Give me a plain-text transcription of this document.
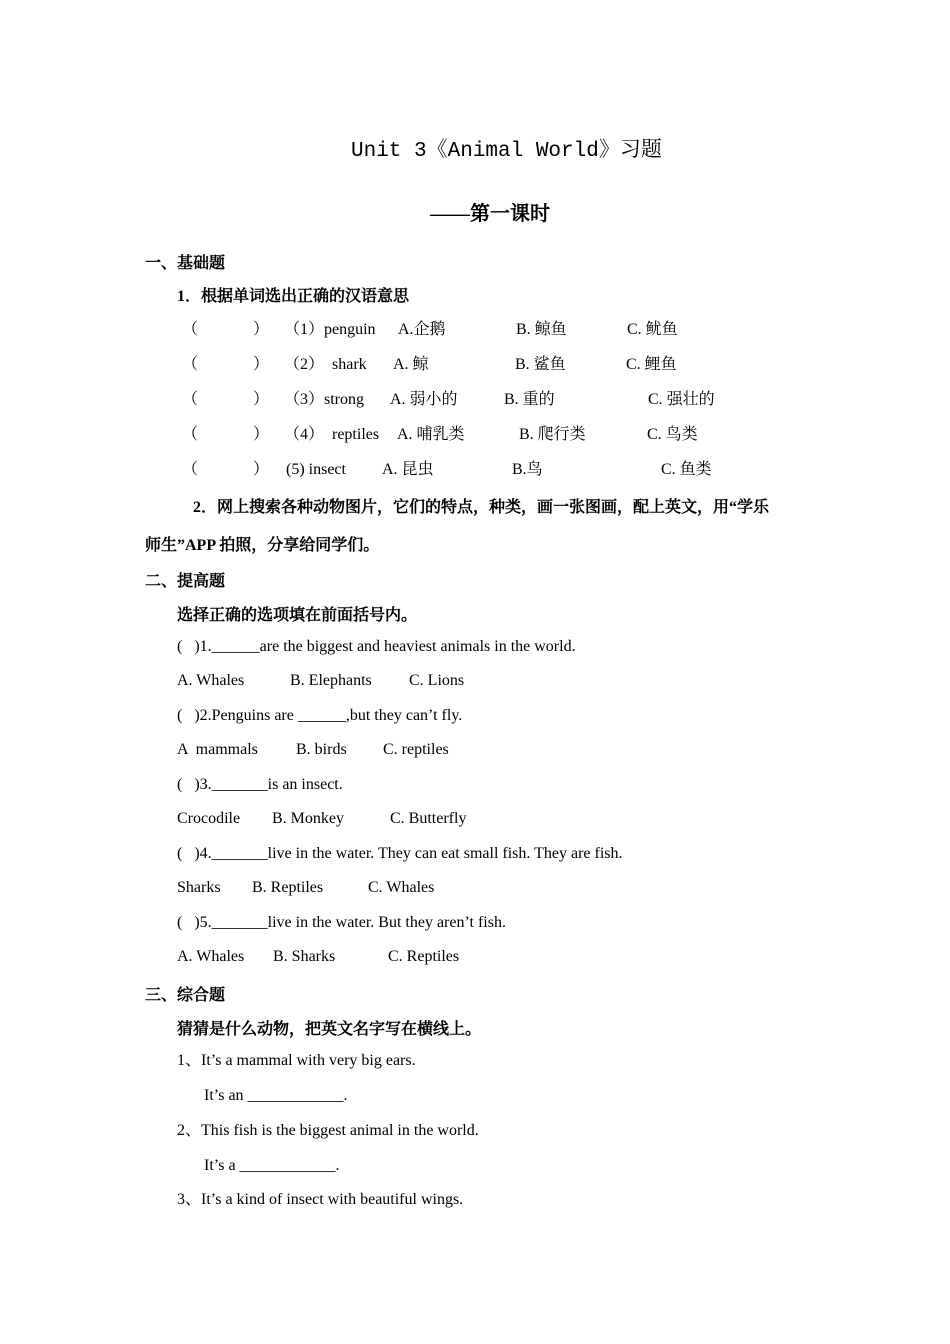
Unit 3《Animal World》习题
——第一课时
一、基础题
1．根据单词选出正确的汉语意思
（	） （1）penguin A.企鹅	B. 鲸鱼	C. 鱿鱼
（	） （2）  shark A. 鲸	B. 鲨鱼	C. 鲤鱼
（	） （3）strong A. 弱小的	B. 重的	C. 强壮的
（	） （4）  reptiles A. 哺乳类	B. 爬行类	C. 鸟类
（	） (5) insect A. 昆虫	B.鸟	C. 鱼类
2．网上搜索各种动物图片，它们的特点，种类，画一张图画，配上英文，用“学乐
师生”APP 拍照，分享给同学们。
二、提高题
选择正确的选项填在前面括号内。
(   )1.______are the biggest and heaviest animals in the world.
A. Whales	B. Elephants C. Lions
(   )2.Penguins are ______,but they can’t fly.
A  mammals B. birds C. reptiles
(   )3._______is an insect.
Crocodile B. Monkey	C. Butterfly
(   )4._______live in the water. They can eat small fish. They are fish.
Sharks B. Reptiles	C. Whales
(   )5._______live in the water. But they aren’t fish.
A. Whales B. Sharks	C. Reptiles
三、综合题
猜猜是什么动物，把英文名字写在横线上。
1、It’s a mammal with very big ears.
It’s an ____________.
2、This fish is the biggest animal in the world.
It’s a ____________.
3、It’s a kind of insect with beautiful wings.
